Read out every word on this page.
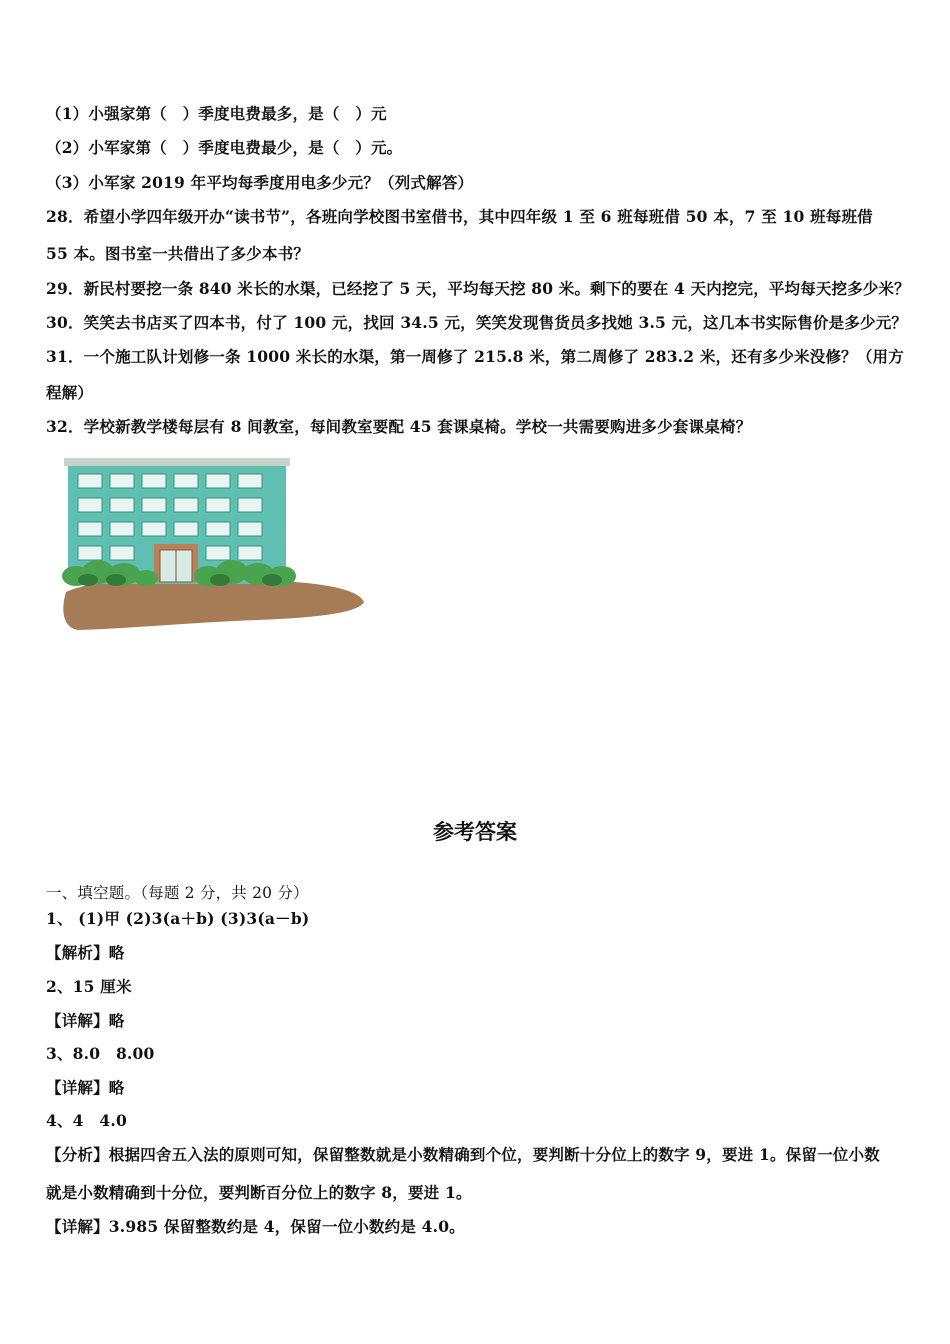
（1）小强家第（　）季度电费最多，是（　）元
（2）小军家第（　）季度电费最少，是（　）元。
（3）小军家 2019 年平均每季度用电多少元？（列式解答）
28．希望小学四年级开办“读书节”，各班向学校图书室借书，其中四年级 1 至 6 班每班借 50 本，7 至 10 班每班借
55 本。图书室一共借出了多少本书？
29．新民村要挖一条 840 米长的水渠，已经挖了 5 天，平均每天挖 80 米。剩下的要在 4 天内挖完，平均每天挖多少米？
30．笑笑去书店买了四本书，付了 100 元，找回 34.5 元，笑笑发现售货员多找她 3.5 元，这几本书实际售价是多少元？
31．一个施工队计划修一条 1000 米长的水渠，第一周修了 215.8 米，第二周修了 283.2 米，还有多少米没修？（用方
程解）
32．学校新教学楼每层有 8 间教室，每间教室要配 45 套课桌椅。学校一共需要购进多少套课桌椅？
参考答案
一、填空题。（每题 2 分，共 20 分）
1、 (1)甲 (2)3(a＋b) (3)3(a－b)
【解析】略
2、15 厘米
【详解】略
3、8.0　8.00
【详解】略
4、4　4.0
【分析】根据四舍五入法的原则可知，保留整数就是小数精确到个位，要判断十分位上的数字 9，要进 1。保留一位小数
就是小数精确到十分位，要判断百分位上的数字 8，要进 1。
【详解】3.985 保留整数约是 4，保留一位小数约是 4.0。
